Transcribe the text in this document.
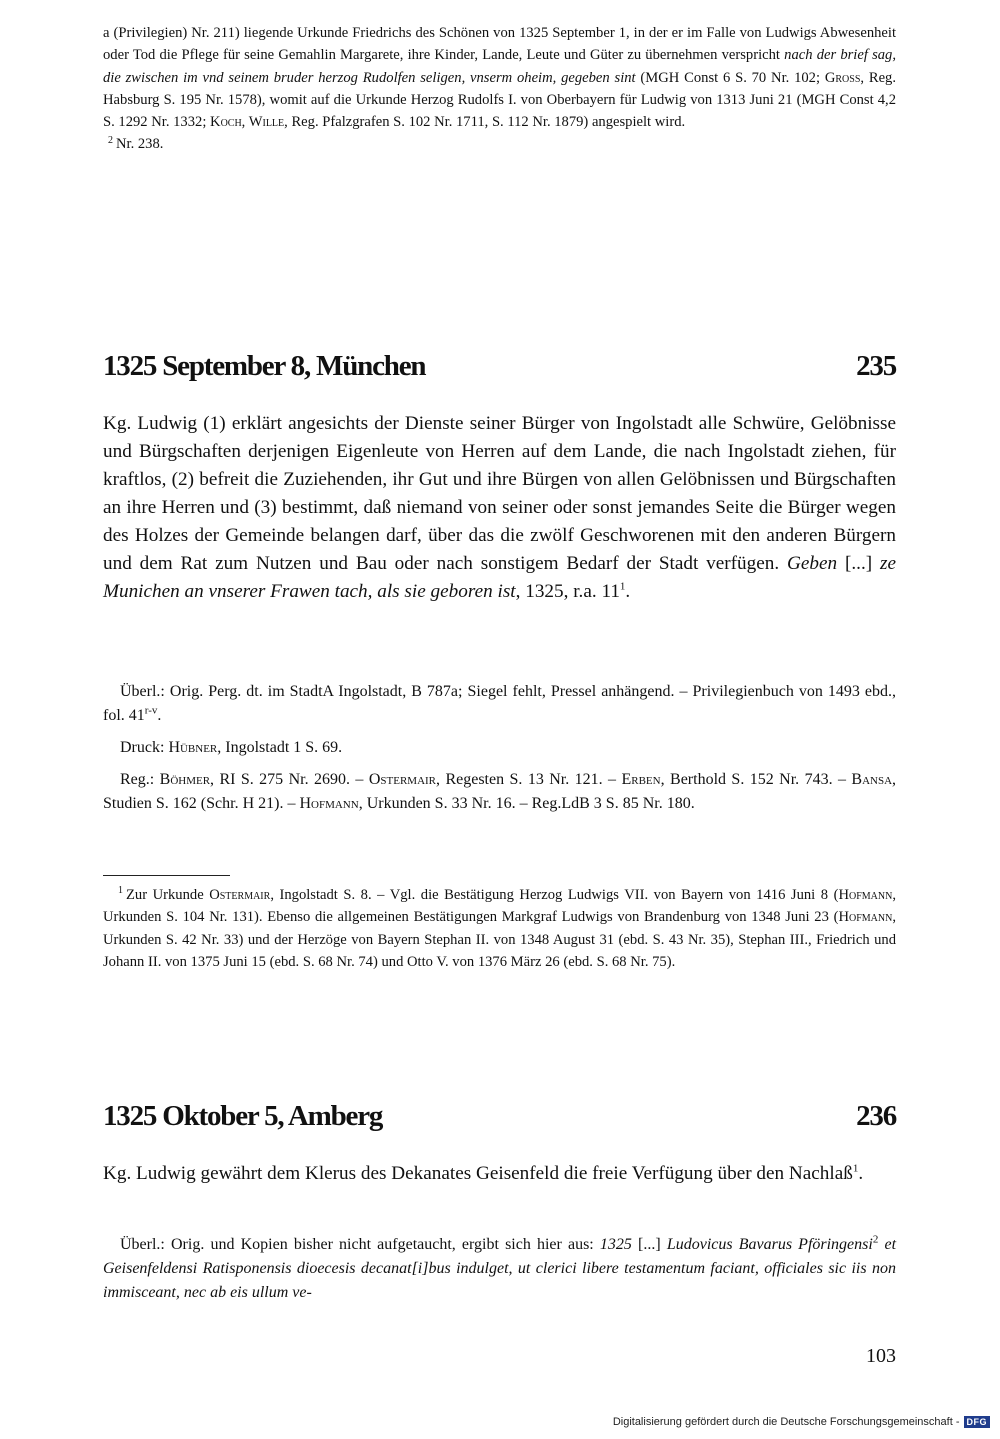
a (Privilegien) Nr. 211) liegende Urkunde Friedrichs des Schönen von 1325 September 1, in der er im Falle von Ludwigs Abwesenheit oder Tod die Pflege für seine Gemahlin Margarete, ihre Kinder, Lande, Leute und Güter zu übernehmen verspricht nach der brief sag, die zwischen im vnd seinem bruder herzog Rudolfen seligen, vnserm oheim, gegeben sint (MGH Const 6 S. 70 Nr. 102; Gross, Reg. Habsburg S. 195 Nr. 1578), womit auf die Urkunde Herzog Rudolfs I. von Oberbayern für Ludwig von 1313 Juni 21 (MGH Const 4,2 S. 1292 Nr. 1332; Koch, Wille, Reg. Pfalzgrafen S. 102 Nr. 1711, S. 112 Nr. 1879) angespielt wird.

$^2$ Nr. 238.

1325 September 8, München	235

Kg. Ludwig (1) erklärt angesichts der Dienste seiner Bürger von Ingolstadt alle Schwüre, Gelöbnisse und Bürgschaften derjenigen Eigenleute von Herren auf dem Lande, die nach Ingolstadt ziehen, für kraftlos, (2) befreit die Zuziehenden, ihr Gut und ihre Bürgen von allen Gelöbnissen und Bürgschaften an ihre Herren und (3) bestimmt, daß niemand von seiner oder sonst jemandes Seite die Bürger wegen des Holzes der Gemeinde belangen darf, über das die zwölf Geschworenen mit den anderen Bürgern und dem Rat zum Nutzen und Bau oder nach sonstigem Bedarf der Stadt verfügen. Geben [...] ze Munichen an vnserer Frawen tach, als sie geboren ist, 1325, r.a. $11^1$.

Überl.: Orig. Perg. dt. im StadtA Ingolstadt, B 787a; Siegel fehlt, Pressel anhängend. – Privilegienbuch von 1493 ebd., fol. 41$^{r-v}$.

Druck: Hübner, Ingolstadt 1 S. 69.

Reg.: Böhmer, RI S. 275 Nr. 2690. – Ostermair, Regesten S. 13 Nr. 121. – Erben, Berthold S. 152 Nr. 743. – Bansa, Studien S. 162 (Schr. H 21). – Hofmann, Urkunden S. 33 Nr. 16. – Reg.LdB 3 S. 85 Nr. 180.

$^1$ Zur Urkunde Ostermair, Ingolstadt S. 8. – Vgl. die Bestätigung Herzog Ludwigs VII. von Bayern von 1416 Juni 8 (Hofmann, Urkunden S. 104 Nr. 131). Ebenso die allgemeinen Bestätigungen Markgraf Ludwigs von Brandenburg von 1348 Juni 23 (Hofmann, Urkunden S. 42 Nr. 33) und der Herzöge von Bayern Stephan II. von 1348 August 31 (ebd. S. 43 Nr. 35), Stephan III., Friedrich und Johann II. von 1375 Juni 15 (ebd. S. 68 Nr. 74) und Otto V. von 1376 März 26 (ebd. S. 68 Nr. 75).

1325 Oktober 5, Amberg	236

Kg. Ludwig gewährt dem Klerus des Dekanates Geisenfeld die freie Verfügung über den Nachlaß$^1$.

Überl.: Orig. und Kopien bisher nicht aufgetaucht, ergibt sich hier aus: 1325 [...] Ludovicus Bavarus Pföringensi$^2$ et Geisenfeldensi Ratisponensis dioecesis decanat[i]bus indulget, ut clerici libere testamentum faciant, officiales sic iis non immisceant, nec ab eis ullum ve-

103
Digitalisierung gefördert durch die Deutsche Forschungsgemeinschaft - DFG
